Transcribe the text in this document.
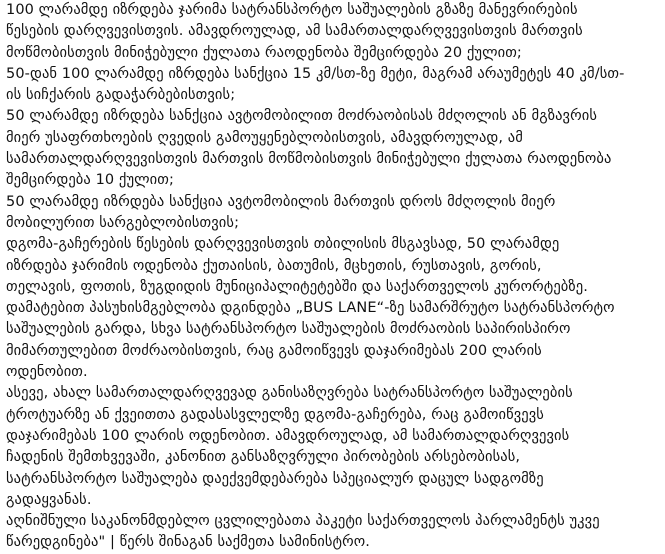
100 ლარამდე იზრდება ჯარიმა სატრანსპორტო საშუალების გზაზე მანევრირების
წესების დარღვევისთვის. ამავდროულად, ამ სამართალდარღვევისთვის მართვის
მოწმობისთვის მინიჭებული ქულათა რაოდენობა შემცირდება 20 ქულით;
50-დან 100 ლარამდე იზრდება სანქცია 15 კმ/სთ-ზე მეტი, მაგრამ არაუმეტეს 40 კმ/სთ-
ის სიჩქარის გადაჭარბებისთვის;
50 ლარამდე იზრდება სანქცია ავტომობილით მოძრაობისას მძღოლის ან მგზავრის
მიერ უსაფრთხოების ღვედის გამოუყენებლობისთვის, ამავდროულად, ამ
სამართალდარღვევისთვის მართვის მოწმობისთვის მინიჭებული ქულათა რაოდენობა
შემცირდება 10 ქულით;
50 ლარამდე იზრდება სანქცია ავტომობილის მართვის დროს მძღოლის მიერ
მობილურით სარგებლობისთვის;
დგომა-გაჩერების წესების დარღვევისთვის თბილისის მსგავსად, 50 ლარამდე
იზრდება ჯარიმის ოდენობა ქუთაისის, ბათუმის, მცხეთის, რუსთავის, გორის,
თელავის, ფოთის, ზუგდიდის მუნიციპალიტეტებში და საქართველოს კურორტებზე.
დამატებით პასუხისმგებლობა დგინდება „BUS LANE“-ზე სამარშრუტო სატრანსპორტო
საშუალების გარდა, სხვა სატრანსპორტო საშუალების მოძრაობის საპირისპირო
მიმართულებით მოძრაობისთვის, რაც გამოიწვევს დაჯარიმებას 200 ლარის
ოდენობით.
ასევე, ახალ სამართალდარღვევად განისაზღვრება სატრანსპორტო საშუალების
ტროტუარზე ან ქვეითთა გადასასვლელზე დგომა-გაჩერება, რაც გამოიწვევს
დაჯარიმებას 100 ლარის ოდენობით. ამავდროულად, ამ სამართალდარღვევის
ჩადენის შემთხვევაში, კანონით განსაზღვრული პირობების არსებობისას,
სატრანსპორტო საშუალება დაექვემდებარება სპეციალურ დაცულ სადგომზე
გადაყვანას.
აღნიშნული საკანონმდებლო ცვლილებათა პაკეტი საქართველოს პარლამენტს უკვე
წარედგინება" | წერს შინაგან საქმეთა სამინისტრო.
